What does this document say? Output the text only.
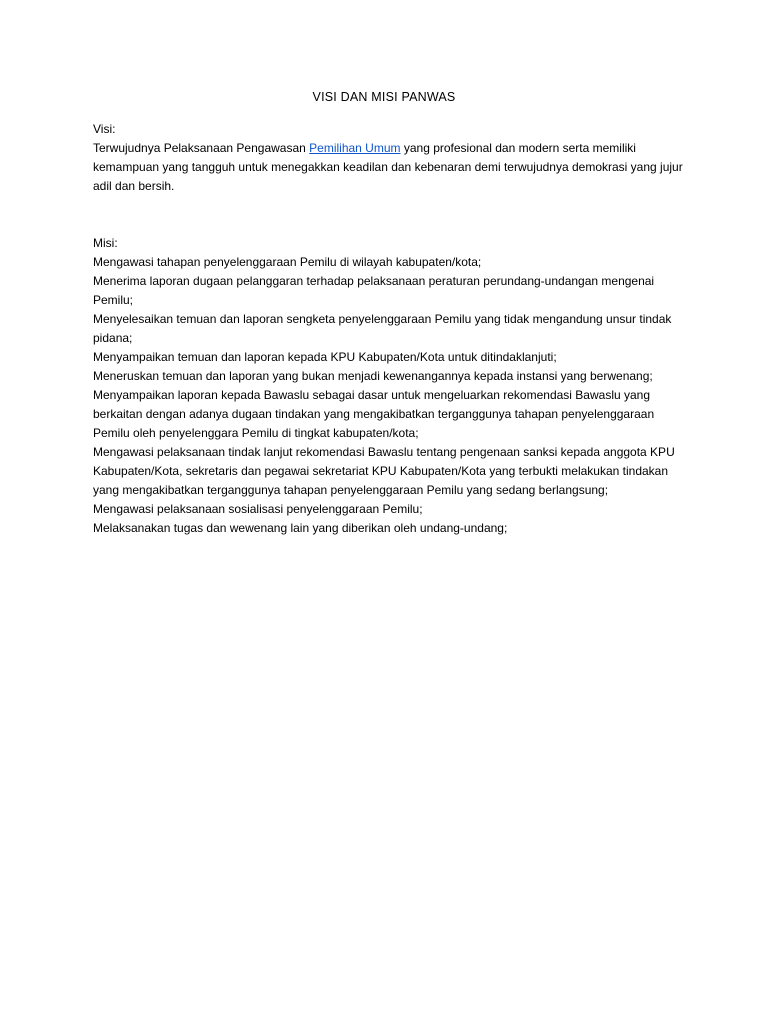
VISI DAN MISI PANWAS

Visi:

Terwujudnya Pelaksanaan Pengawasan Pemilihan Umum yang profesional dan modern serta memiliki kemampuan yang tangguh untuk menegakkan keadilan dan kebenaran demi terwujudnya demokrasi yang jujur adil dan bersih.

Misi:

Mengawasi tahapan penyelenggaraan Pemilu di wilayah kabupaten/kota;
Menerima laporan dugaan pelanggaran terhadap pelaksanaan peraturan perundang-undangan mengenai Pemilu;
Menyelesaikan temuan dan laporan sengketa penyelenggaraan Pemilu yang tidak mengandung unsur tindak pidana;
Menyampaikan temuan dan laporan kepada KPU Kabupaten/Kota untuk ditindaklanjuti;
Meneruskan temuan dan laporan yang bukan menjadi kewenangannya kepada instansi yang berwenang;
Menyampaikan laporan kepada Bawaslu sebagai dasar untuk mengeluarkan rekomendasi Bawaslu yang berkaitan dengan adanya dugaan tindakan yang mengakibatkan terganggunya tahapan penyelenggaraan Pemilu oleh penyelenggara Pemilu di tingkat kabupaten/kota;
Mengawasi pelaksanaan tindak lanjut rekomendasi Bawaslu tentang pengenaan sanksi kepada anggota KPU Kabupaten/Kota, sekretaris dan pegawai sekretariat KPU Kabupaten/Kota yang terbukti melakukan tindakan yang mengakibatkan terganggunya tahapan penyelenggaraan Pemilu yang sedang berlangsung;
Mengawasi pelaksanaan sosialisasi penyelenggaraan Pemilu;
Melaksanakan tugas dan wewenang lain yang diberikan oleh undang-undang;
